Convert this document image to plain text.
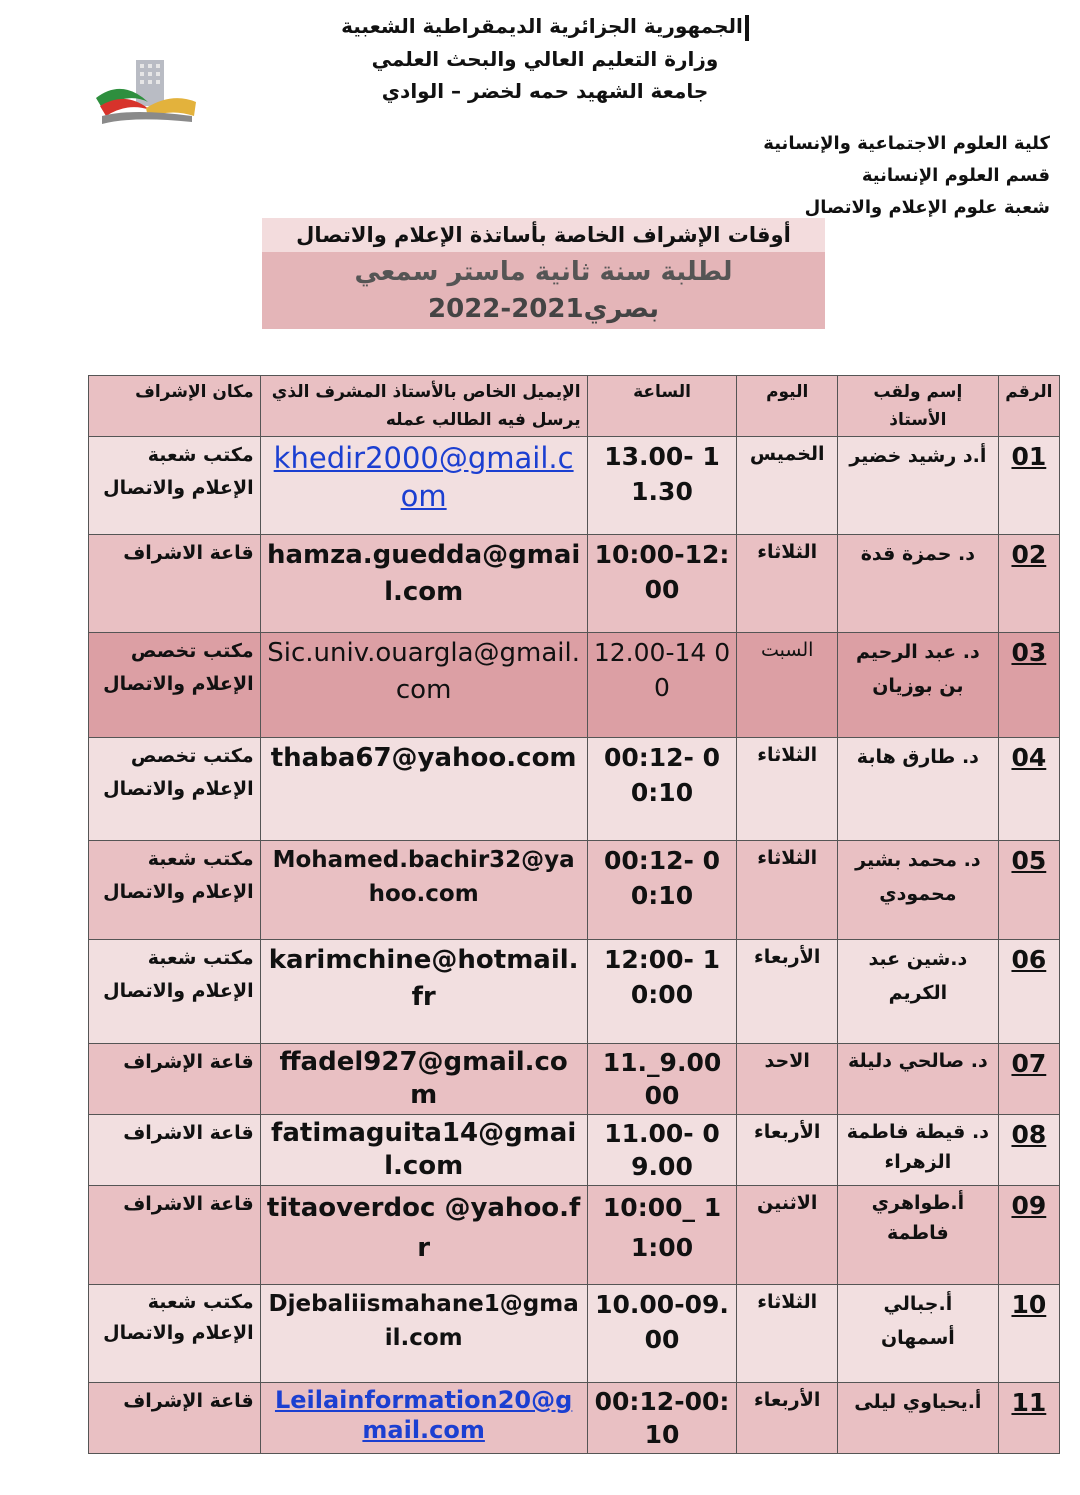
الجمهورية الجزائرية الديمقراطية الشعبية
وزارة التعليم العالي والبحث العلمي
جامعة الشهيد حمه لخضر – الوادي
كلية العلوم الاجتماعية والإنسانية
قسم العلوم الإنسانية
شعبة علوم الإعلام والاتصال
أوقات الإشراف الخاصة بأساتذة الإعلام والاتصال
لطلبة سنة ثانية ماستر سمعي
بصري2021-2022
مكان الإشراف	الإيميل الخاص بالأستاذ المشرف الذي يرسل فيه الطالب عمله	الساعة	اليوم	إسم ولقب الأستاذ	الرقم
مكتب شعبة الإعلام والاتصال	khedir2000@gmail.com	13.00- 11.30	الخميس	أ.د رشيد خضير	01
قاعة الاشراف	hamza.guedda@gmail.com	10:00-12:00	الثلاثاء	د. حمزة قدة	02
مكتب تخصص الإعلام والاتصال	Sic.univ.ouargla@gmail.com	12.00-14 00	السبت	د. عبد الرحيم بن بوزيان	03
مكتب تخصص الإعلام والاتصال	thaba67@yahoo.com	00:12- 00:10	الثلاثاء	د. طارق هابة	04
مكتب شعبة الإعلام والاتصال	Mohamed.bachir32@yahoo.com	00:12- 00:10	الثلاثاء	د. محمد بشير محمودي	05
مكتب شعبة الإعلام والاتصال	karimchine@hotmail.fr	12:00- 10:00	الأربعاء	د.شين عبد الكريم	06
قاعة الإشراف	ffadel927@gmail.com	11._9.00 00	الاحد	د. صالحي دليلة	07
قاعة الاشراف	fatimaguita14@gmail.com	11.00- 09.00	الأربعاء	د. قيطة فاطمة الزهراء	08
قاعة الاشراف	titaoverdoc @yahoo.fr	10:00_ 11:00	الاثنين	أ.طواهري فاطمة	09
مكتب شعبة الإعلام والاتصال	Djebaliismahane1@gmail.com	10.00-09.00	الثلاثاء	أ.جبالي أسمهان	10
قاعة الإشراف	Leilainformation20@gmail.com	00:12-00:10	الأربعاء	أ.يحياوي ليلى	11
